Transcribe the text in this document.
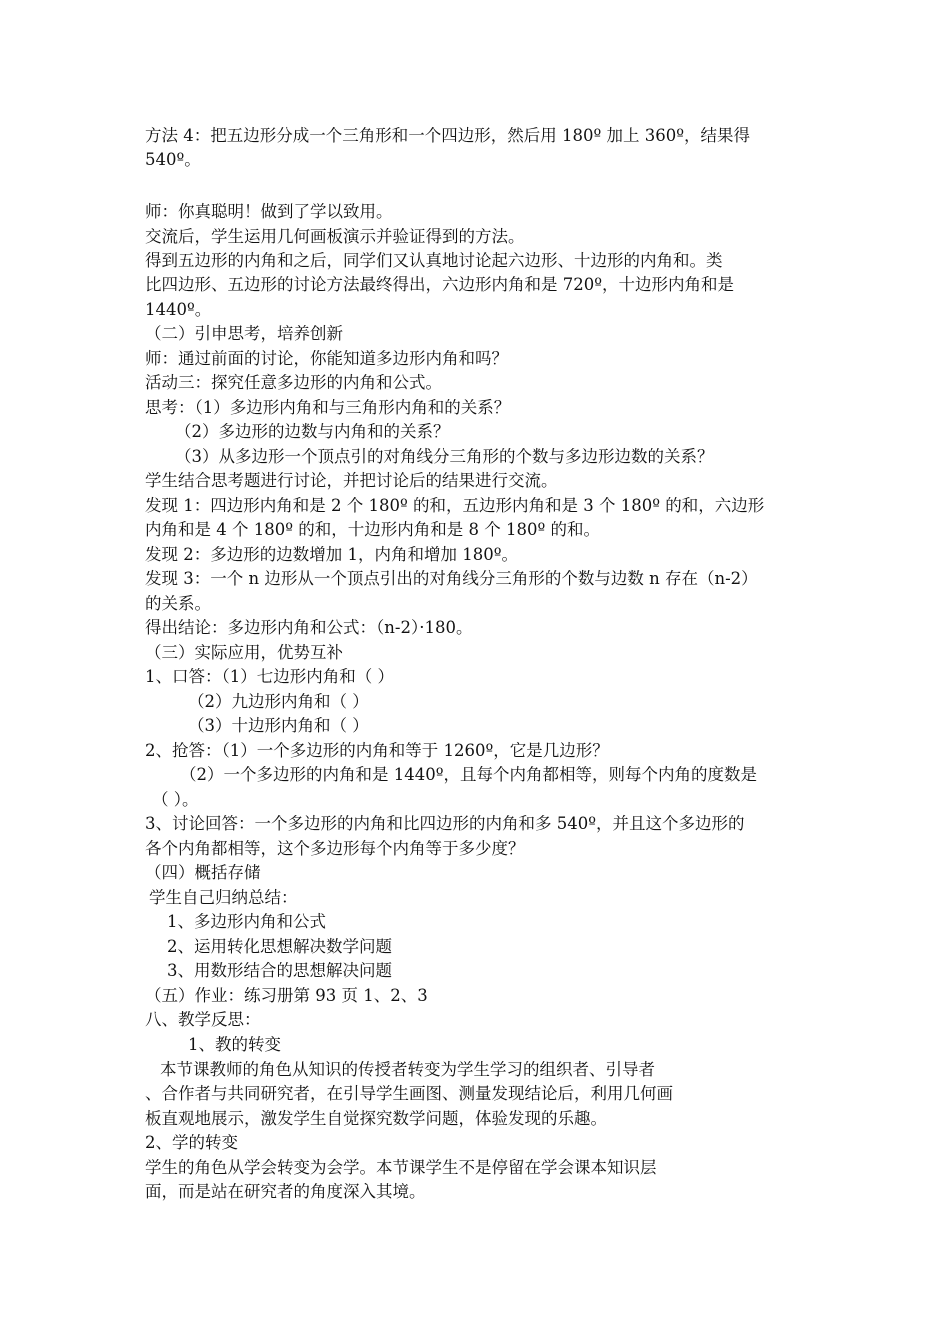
方法 4：把五边形分成一个三角形和一个四边形，然后用 180º 加上 360º，结果得
540º。
师：你真聪明！做到了学以致用。
交流后，学生运用几何画板演示并验证得到的方法。
得到五边形的内角和之后，同学们又认真地讨论起六边形、十边形的内角和。类
比四边形、五边形的讨论方法最终得出，六边形内角和是 720º，十边形内角和是
1440º。
（二）引申思考，培养创新
师：通过前面的讨论，你能知道多边形内角和吗？
活动三：探究任意多边形的内角和公式。
思考：（1）多边形内角和与三角形内角和的关系？
（2）多边形的边数与内角和的关系？
（3）从多边形一个顶点引的对角线分三角形的个数与多边形边数的关系？
学生结合思考题进行讨论，并把讨论后的结果进行交流。
发现 1：四边形内角和是 2 个 180º 的和，五边形内角和是 3 个 180º 的和，六边形
内角和是 4 个 180º 的和，十边形内角和是 8 个 180º 的和。
发现 2：多边形的边数增加 1，内角和增加 180º。
发现 3：一个 n 边形从一个顶点引出的对角线分三角形的个数与边数 n 存在（n-2）
的关系。
得出结论：多边形内角和公式：（n-2）·180。
（三）实际应用，优势互补
1、口答：（1）七边形内角和（ ）
（2）九边形内角和（ ）
（3）十边形内角和（ ）
2、抢答：（1）一个多边形的内角和等于 1260º，它是几边形？
（2）一个多边形的内角和是 1440º，且每个内角都相等，则每个内角的度数是
（ ）。
3、讨论回答：一个多边形的内角和比四边形的内角和多 540º，并且这个多边形的
各个内角都相等，这个多边形每个内角等于多少度？
（四）概括存储
学生自己归纳总结：
1、多边形内角和公式
2、运用转化思想解决数学问题
3、用数形结合的思想解决问题
（五）作业：练习册第 93 页 1、2、3
八、教学反思：
1、教的转变
本节课教师的角色从知识的传授者转变为学生学习的组织者、引导者
、合作者与共同研究者，在引导学生画图、测量发现结论后，利用几何画
板直观地展示，激发学生自觉探究数学问题，体验发现的乐趣。
2、学的转变
学生的角色从学会转变为会学。本节课学生不是停留在学会课本知识层
面，而是站在研究者的角度深入其境。
